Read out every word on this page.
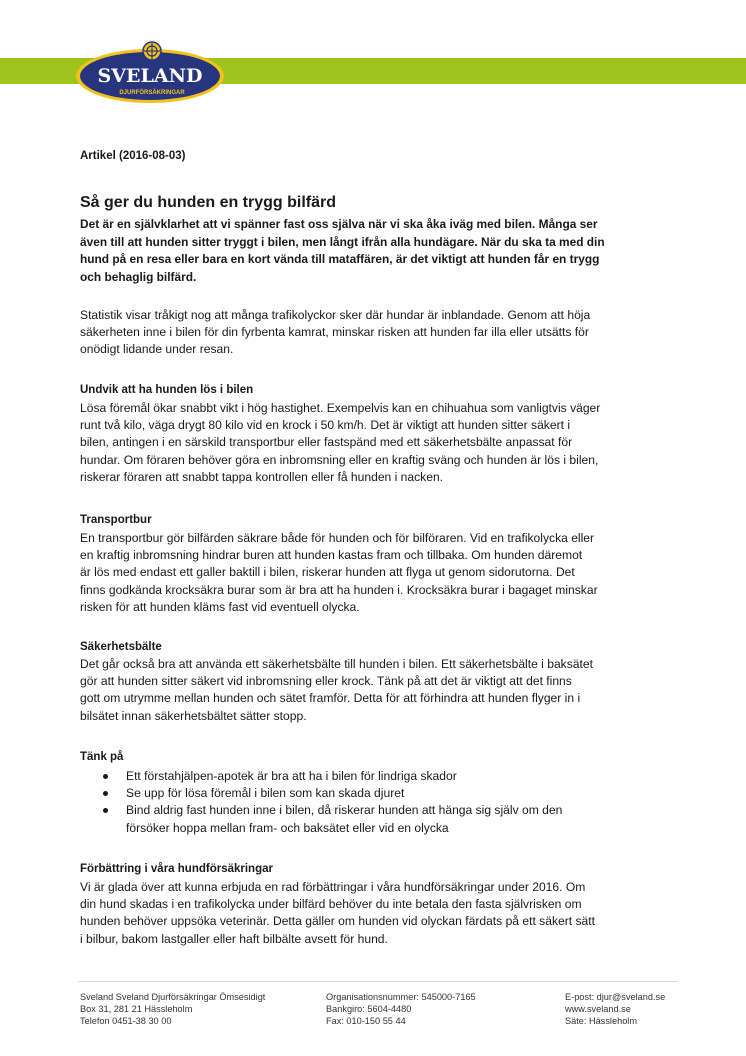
SVELAND
DJURFÖRSÄKRINGAR
Artikel (2016-08-03)
Så ger du hunden en trygg bilfärd

Det är en självklarhet att vi spänner fast oss själva när vi ska åka iväg med bilen. Många ser
även till att hunden sitter tryggt i bilen, men långt ifrån alla hundägare. När du ska ta med din
hund på en resa eller bara en kort vända till mataffären, är det viktigt att hunden får en trygg
och behaglig bilfärd.

Statistik visar tråkigt nog att många trafikolyckor sker där hundar är inblandade. Genom att höja
säkerheten inne i bilen för din fyrbenta kamrat, minskar risken att hunden far illa eller utsätts för
onödigt lidande under resan.

Undvik att ha hunden lös i bilen

Lösa föremål ökar snabbt vikt i hög hastighet. Exempelvis kan en chihuahua som vanligtvis väger
runt två kilo, väga drygt 80 kilo vid en krock i 50 km/h. Det är viktigt att hunden sitter säkert i
bilen, antingen i en särskild transportbur eller fastspänd med ett säkerhetsbälte anpassat för
hundar. Om föraren behöver göra en inbromsning eller en kraftig sväng och hunden är lös i bilen,
riskerar föraren att snabbt tappa kontrollen eller få hunden i nacken.

Transportbur

En transportbur gör bilfärden säkrare både för hunden och för bilföraren. Vid en trafikolycka eller
en kraftig inbromsning hindrar buren att hunden kastas fram och tillbaka. Om hunden däremot
är lös med endast ett galler baktill i bilen, riskerar hunden att flyga ut genom sidorutorna. Det
finns godkända krocksäkra burar som är bra att ha hunden i. Krocksäkra burar i bagaget minskar
risken för att hunden kläms fast vid eventuell olycka.

Säkerhetsbälte

Det går också bra att använda ett säkerhetsbälte till hunden i bilen. Ett säkerhetsbälte i baksätet
gör att hunden sitter säkert vid inbromsning eller krock. Tänk på att det är viktigt att det finns
gott om utrymme mellan hunden och sätet framför. Detta för att förhindra att hunden flyger in i
bilsätet innan säkerhetsbältet sätter stopp.

Tänk på
Ett förstahjälpen-apotek är bra att ha i bilen för lindriga skador
Se upp för lösa föremål i bilen som kan skada djuret
Bind aldrig fast hunden inne i bilen, då riskerar hunden att hänga sig själv om den
försöker hoppa mellan fram- och baksätet eller vid en olycka
Förbättring i våra hundförsäkringar

Vi är glada över att kunna erbjuda en rad förbättringar i våra hundförsäkringar under 2016. Om
din hund skadas i en trafikolycka under bilfärd behöver du inte betala den fasta självrisken om
hunden behöver uppsöka veterinär. Detta gäller om hunden vid olyckan färdats på ett säkert sätt
i bilbur, bakom lastgaller eller haft bilbälte avsett för hund.

Sveland Sveland Djurförsäkringar Ömsesidigt
Box 31, 281 21 Hässleholm
Telefon 0451-38 30 00
Organisationsnummer: 545000-7165
Bankgiro: 5604-4480
Fax: 010-150 55 44
E-post: djur@sveland.se
www.sveland.se
Säte: Hässleholm
